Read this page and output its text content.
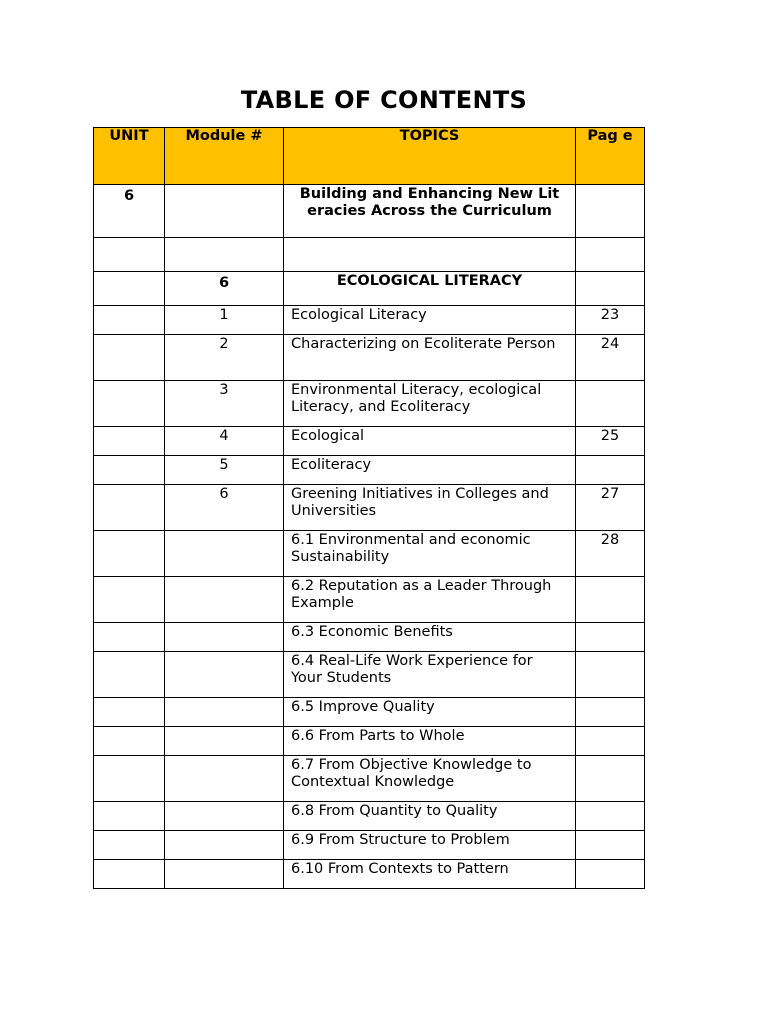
TABLE OF CONTENTS
UNIT	Module #	TOPICS	Pag e
6		Building and Enhancing New Lit eracies Across the Curriculum	

	6	ECOLOGICAL LITERACY	
	1	Ecological Literacy	23
	2	Characterizing on Ecoliterate Person	24
	3	Environmental Literacy, ecological Literacy, and Ecoliteracy	
	4	Ecological	25
	5	Ecoliteracy	
	6	Greening Initiatives in Colleges and Universities	27
		6.1 Environmental and economic Sustainability	28
		6.2 Reputation as a Leader Through Example	
		6.3 Economic Benefits	
		6.4 Real-Life Work Experience for Your Students	
		6.5 Improve Quality	
		6.6 From Parts to Whole	
		6.7 From Objective Knowledge to Contextual Knowledge	
		6.8 From Quantity to Quality	
		6.9 From Structure to Problem	
		6.10 From Contexts to Pattern	
